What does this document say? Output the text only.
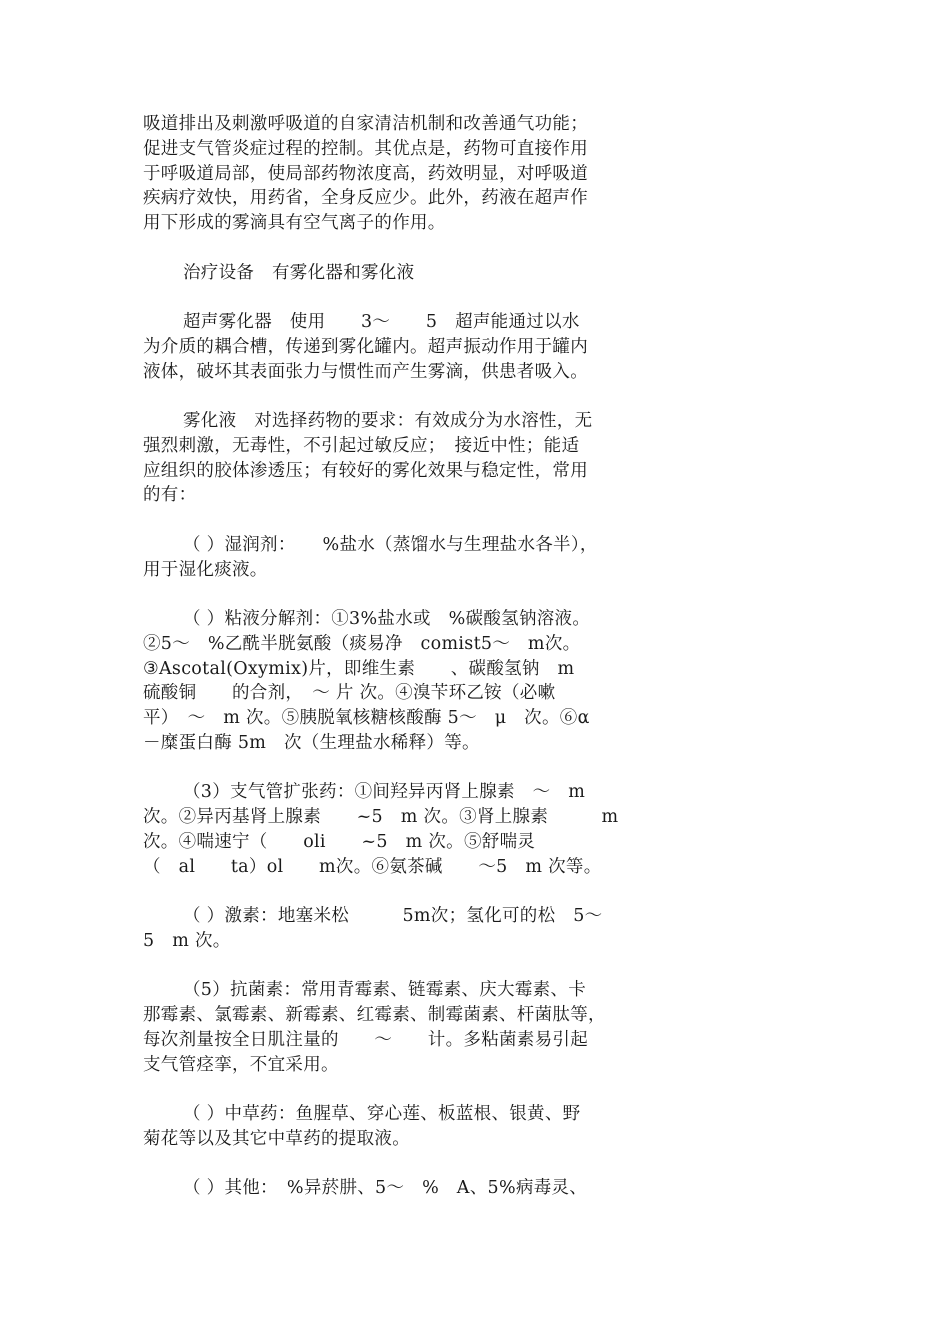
吸道排出及刺激呼吸道的自家清洁机制和改善通气功能；
促进支气管炎症过程的控制。其优点是，药物可直接作用
于呼吸道局部，使局部药物浓度高，药效明显，对呼吸道
疾病疗效快，用药省，全身反应少。此外，药液在超声作
用下形成的雾滴具有空气离子的作用。
治疗设备　有雾化器和雾化液
超声雾化器　使用　　3～　　5　超声能通过以水
为介质的耦合槽，传递到雾化罐内。超声振动作用于罐内
液体，破坏其表面张力与惯性而产生雾滴，供患者吸入。
雾化液　对选择药物的要求：有效成分为水溶性，无
强烈刺激，无毒性，不引起过敏反应；　接近中性；能适
应组织的胶体渗透压；有较好的雾化效果与稳定性，常用
的有：
（ ）湿润剂：　　%盐水（蒸馏水与生理盐水各半），
用于湿化痰液。
（ ）粘液分解剂：①3%盐水或　%碳酸氢钠溶液。
②5～　%乙酰半胱氨酸（痰易净　comist5～　m次。
③Ascotal(Oxymix)片，即维生素　　、碳酸氢钠　m
硫酸铜　　的合剂，　～ 片 次。④溴苄环乙铵（必嗽
平）　～　m 次。⑤胰脱氧核糖核酸酶 5～　μ　次。⑥α
－糜蛋白酶 5m　次（生理盐水稀释）等。
（3）支气管扩张药：①间羟异丙肾上腺素　～　m
次。②异丙基肾上腺素　　~5　m 次。③肾上腺素　　　m
次。④喘速宁（　　oli　　~5　m 次。⑤舒喘灵
（　al　　ta）ol　　m次。⑥氨茶碱　　～5　m 次等。
（ ）激素：地塞米松　　　5m次；氢化可的松　5～
5　m 次。
（5）抗菌素：常用青霉素、链霉素、庆大霉素、卡
那霉素、氯霉素、新霉素、红霉素、制霉菌素、杆菌肽等，
每次剂量按全日肌注量的　　～　　计。多粘菌素易引起
支气管痉挛，不宜采用。
（ ）中草药：鱼腥草、穿心莲、板蓝根、银黄、野
菊花等以及其它中草药的提取液。
（ ）其他：　%异菸肼、5～　%　A、5%病毒灵、
